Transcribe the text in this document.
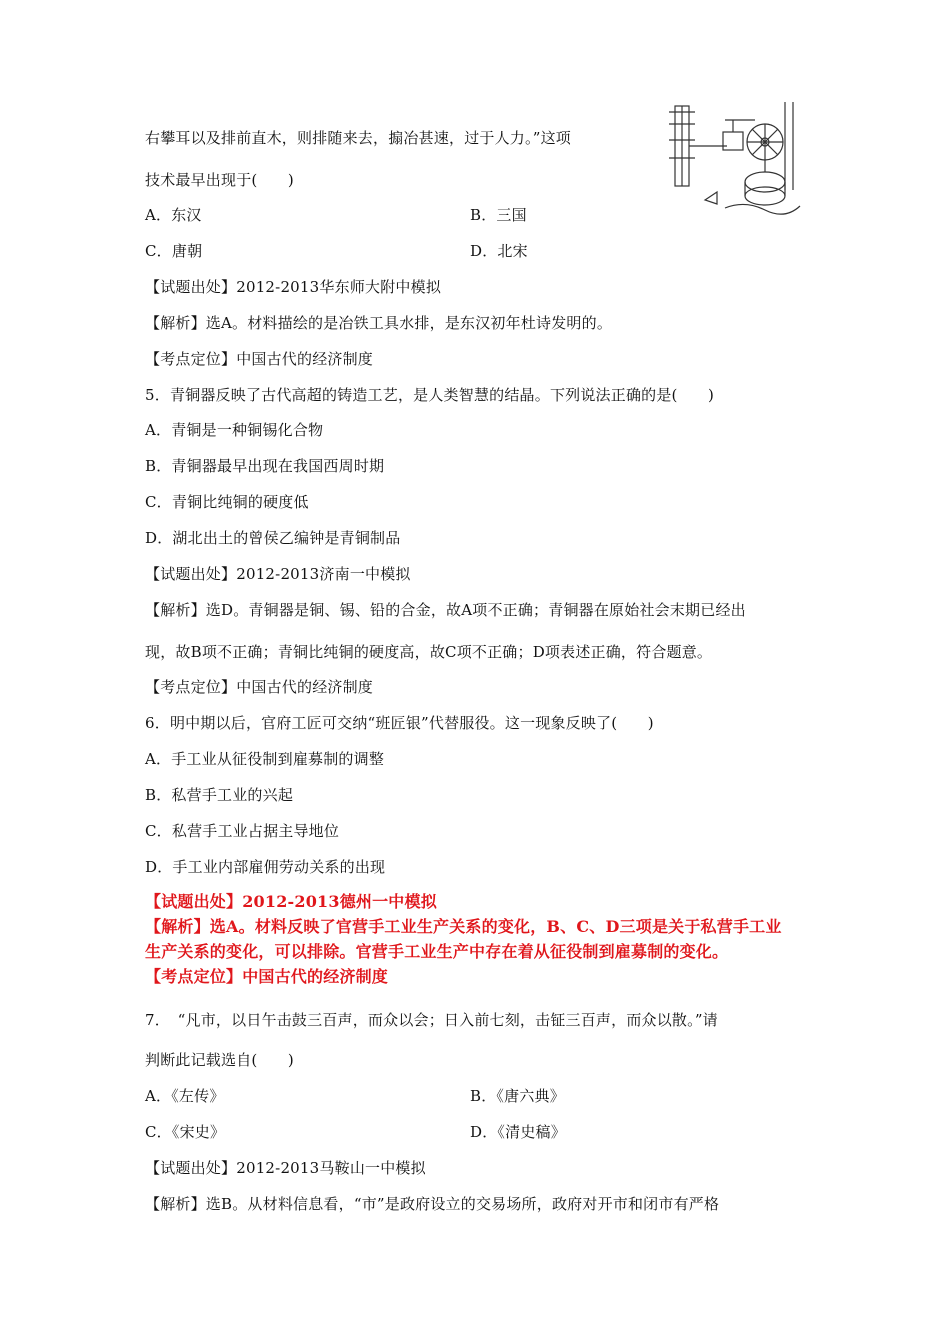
右攀耳以及排前直木，则排随来去，搧冶甚速，过于人力。”这项
技术最早出现于(　　)
A．东汉	B．三国
C．唐朝	D．北宋
【试题出处】2012-2013华东师大附中模拟
【解析】选A。材料描绘的是冶铁工具水排，是东汉初年杜诗发明的。
【考点定位】中国古代的经济制度
5．青铜器反映了古代高超的铸造工艺，是人类智慧的结晶。下列说法正确的是(　　)
A．青铜是一种铜锡化合物
B．青铜器最早出现在我国西周时期
C．青铜比纯铜的硬度低
D．湖北出土的曾侯乙编钟是青铜制品
【试题出处】2012-2013济南一中模拟
【解析】选D。青铜器是铜、锡、铅的合金，故A项不正确；青铜器在原始社会末期已经出
现，故B项不正确；青铜比纯铜的硬度高，故C项不正确；D项表述正确，符合题意。
【考点定位】中国古代的经济制度
6．明中期以后，官府工匠可交纳“班匠银”代替服役。这一现象反映了(　　)
A．手工业从征役制到雇募制的调整
B．私营手工业的兴起
C．私营手工业占据主导地位
D．手工业内部雇佣劳动关系的出现
【试题出处】2012-2013德州一中模拟
【解析】选A。材料反映了官营手工业生产关系的变化，B、C、D三项是关于私营手工业
生产关系的变化，可以排除。官营手工业生产中存在着从征役制到雇募制的变化。
【考点定位】中国古代的经济制度
7．　“凡市，以日午击鼓三百声，而众以会；日入前七刻，击钲三百声，而众以散。”请
判断此记载选自(　　)
A．《左传》	B．《唐六典》
C．《宋史》	D．《清史稿》
【试题出处】2012-2013马鞍山一中模拟
【解析】选B。从材料信息看，“市”是政府设立的交易场所，政府对开市和闭市有严格
